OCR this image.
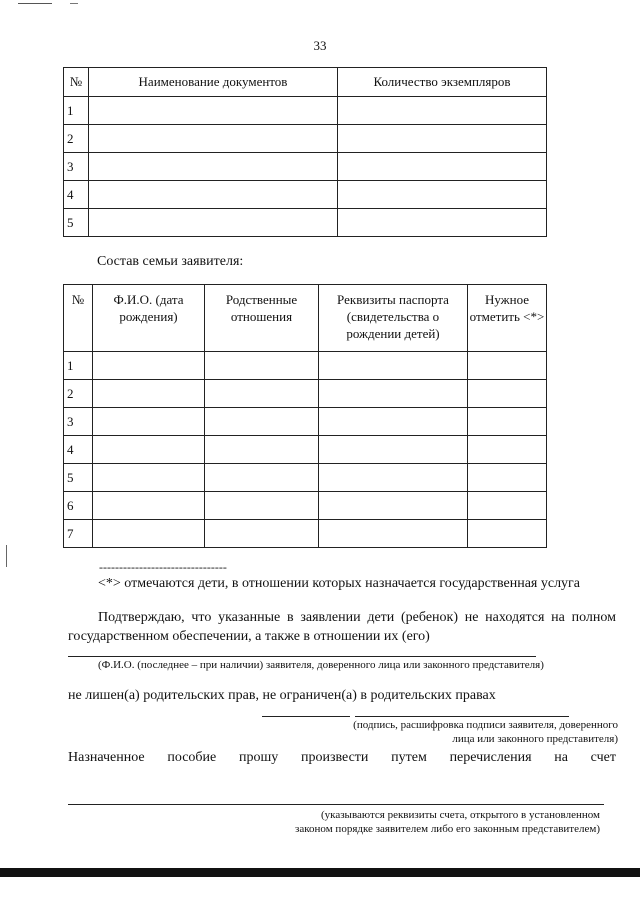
33
№	Наименование документов	Количество экземпляров
1		
2		
3		
4		
5		
Состав семьи заявителя:
№	Ф.И.О. (дата рождения)	Родственные отношения	Реквизиты паспорта (свидетельства о рождении детей)	Нужное отметить <*>
1				
2				
3				
4				
5				
6				
7				
--------------------------------
<*> отмечаются дети, в отношении которых назначается государственная услуга
Подтверждаю, что указанные в заявлении дети (ребенок) не находятся на полном государственном обеспечении, а также в отношении их (его)
(Ф.И.О. (последнее – при наличии) заявителя, доверенного лица или законного представителя)
не лишен(а) родительских прав, не ограничен(а) в родительских правах
(подпись, расшифровка подписи заявителя, доверенного
лица или законного представителя)
Назначенное пособие прошу произвести путем перечисления на счет
(указываются реквизиты счета, открытого в установленном
законом порядке заявителем либо его законным представителем)
